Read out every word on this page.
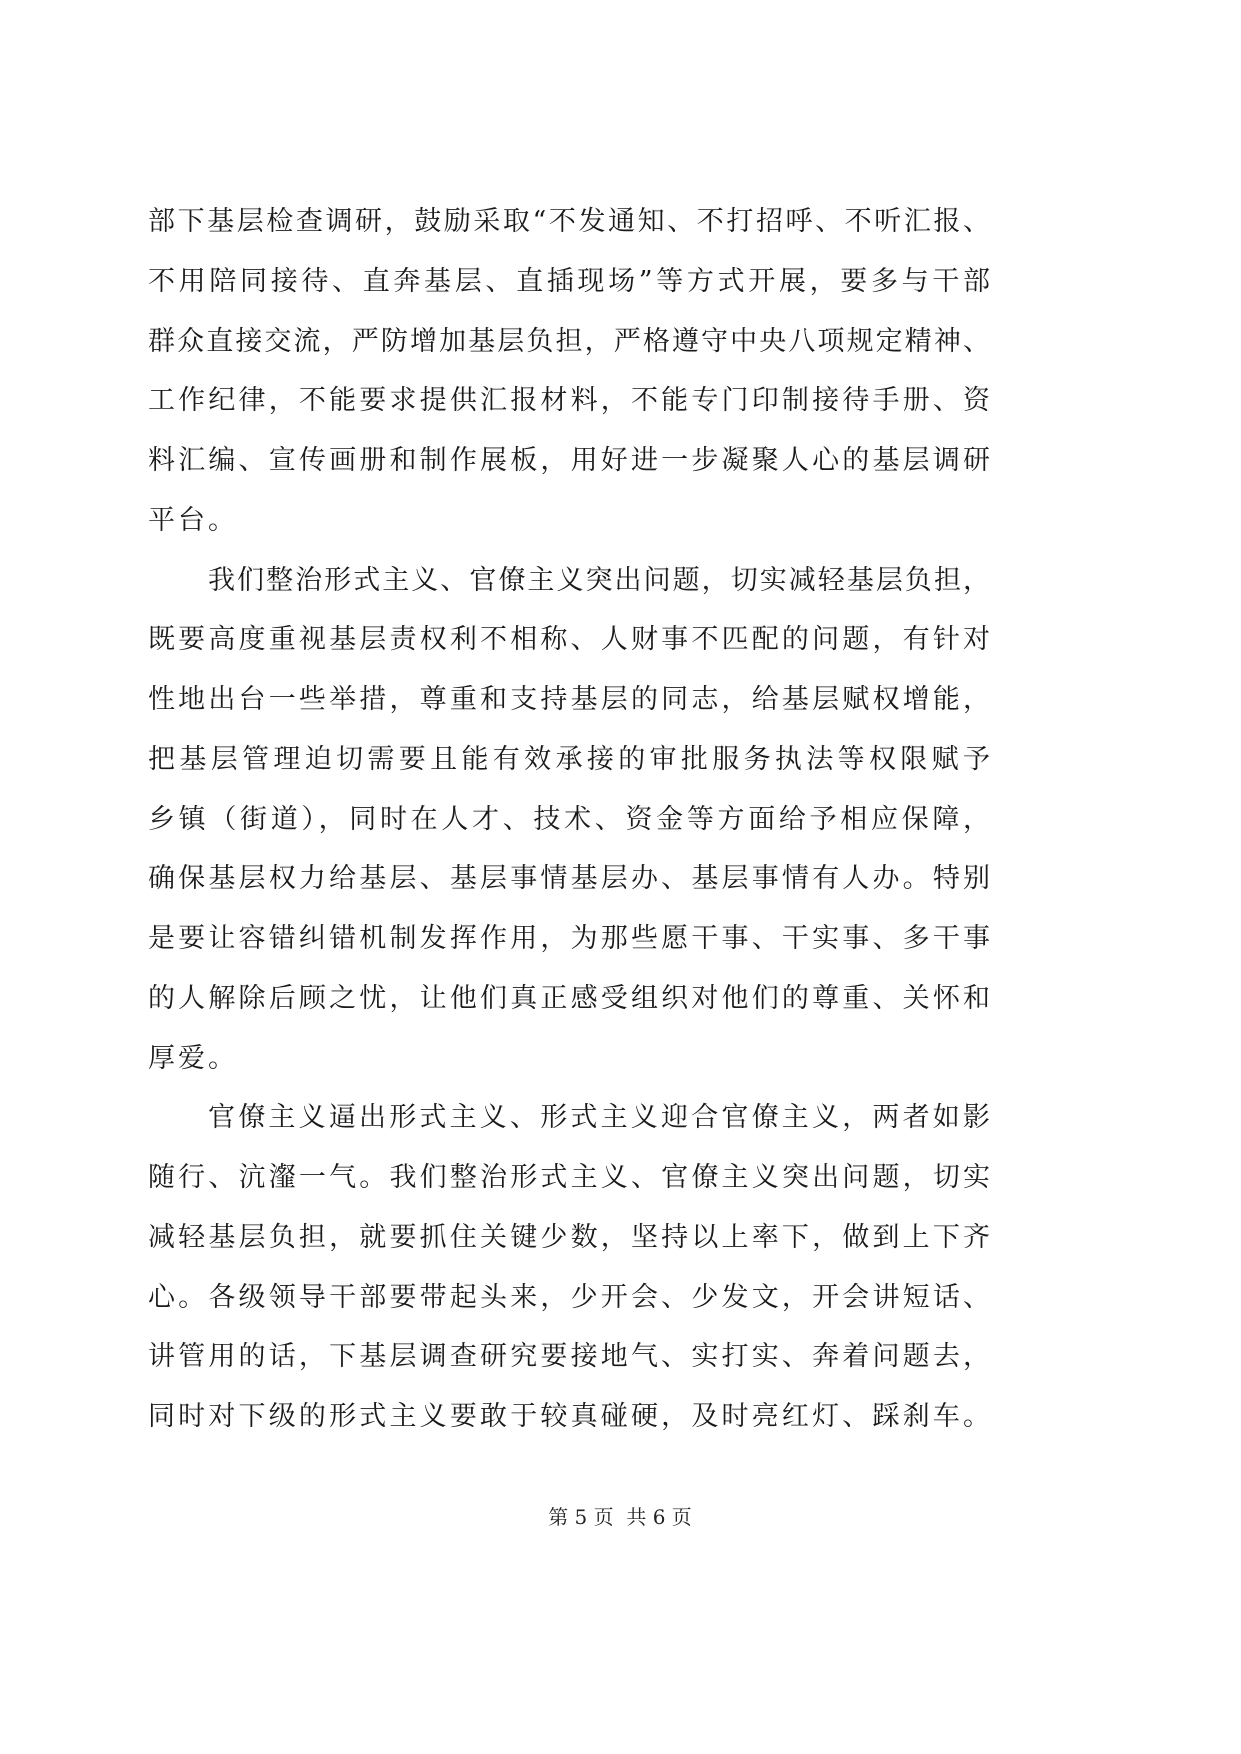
部下基层检查调研，鼓励采取“不发通知、不打招呼、不听汇报、
不用陪同接待、直奔基层、直插现场”等方式开展，要多与干部
群众直接交流，严防增加基层负担，严格遵守中央八项规定精神、
工作纪律，不能要求提供汇报材料，不能专门印制接待手册、资
料汇编、宣传画册和制作展板，用好进一步凝聚人心的基层调研
平台。
我们整治形式主义、官僚主义突出问题，切实减轻基层负担，
既要高度重视基层责权利不相称、人财事不匹配的问题，有针对
性地出台一些举措，尊重和支持基层的同志，给基层赋权增能，
把基层管理迫切需要且能有效承接的审批服务执法等权限赋予
乡镇（街道），同时在人才、技术、资金等方面给予相应保障，
确保基层权力给基层、基层事情基层办、基层事情有人办。特别
是要让容错纠错机制发挥作用，为那些愿干事、干实事、多干事
的人解除后顾之忧，让他们真正感受组织对他们的尊重、关怀和
厚爱。
官僚主义逼出形式主义、形式主义迎合官僚主义，两者如影
随行、沆瀣一气。我们整治形式主义、官僚主义突出问题，切实
减轻基层负担，就要抓住关键少数，坚持以上率下，做到上下齐
心。各级领导干部要带起头来，少开会、少发文，开会讲短话、
讲管用的话，下基层调查研究要接地气、实打实、奔着问题去，
同时对下级的形式主义要敢于较真碰硬，及时亮红灯、踩刹车。
第 5 页  共 6 页
